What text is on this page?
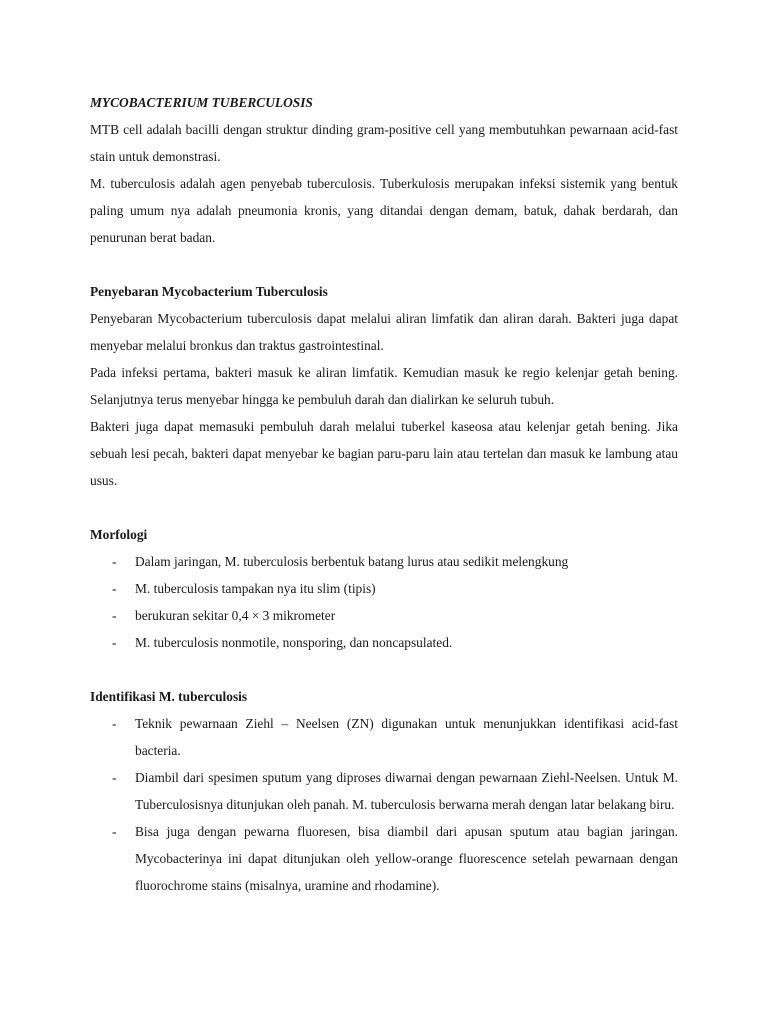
MYCOBACTERIUM TUBERCULOSIS

MTB cell adalah bacilli dengan struktur dinding gram-positive cell yang membutuhkan pewarnaan acid-fast stain untuk demonstrasi.

M. tuberculosis adalah agen penyebab tuberculosis. Tuberkulosis merupakan infeksi sistemik yang bentuk paling umum nya adalah pneumonia kronis, yang ditandai dengan demam, batuk, dahak berdarah, dan penurunan berat badan.

Penyebaran Mycobacterium Tuberculosis

Penyebaran Mycobacterium tuberculosis dapat melalui aliran limfatik dan aliran darah. Bakteri juga dapat menyebar melalui bronkus dan traktus gastrointestinal.

Pada infeksi pertama, bakteri masuk ke aliran limfatik. Kemudian masuk ke regio kelenjar getah bening. Selanjutnya terus menyebar hingga ke pembuluh darah dan dialirkan ke seluruh tubuh.

Bakteri juga dapat memasuki pembuluh darah melalui tuberkel kaseosa atau kelenjar getah bening. Jika sebuah lesi pecah, bakteri dapat menyebar ke bagian paru-paru lain atau tertelan dan masuk ke lambung atau usus.

Morfologi

- Dalam jaringan, M. tuberculosis berbentuk batang lurus atau sedikit melengkung
- M. tuberculosis tampakan nya itu slim (tipis)
- berukuran sekitar 0,4 × 3 mikrometer
- M. tuberculosis nonmotile, nonsporing, dan noncapsulated.

Identifikasi M. tuberculosis

- Teknik pewarnaan Ziehl – Neelsen (ZN) digunakan untuk menunjukkan identifikasi acid-fast bacteria.
- Diambil dari spesimen sputum yang diproses diwarnai dengan pewarnaan Ziehl-Neelsen. Untuk M. Tuberculosisnya ditunjukan oleh panah. M. tuberculosis berwarna merah dengan latar belakang biru.
- Bisa juga dengan pewarna fluoresen, bisa diambil dari apusan sputum atau bagian jaringan. Mycobacterinya ini dapat ditunjukan oleh yellow-orange fluorescence setelah pewarnaan dengan fluorochrome stains (misalnya, uramine and rhodamine).
